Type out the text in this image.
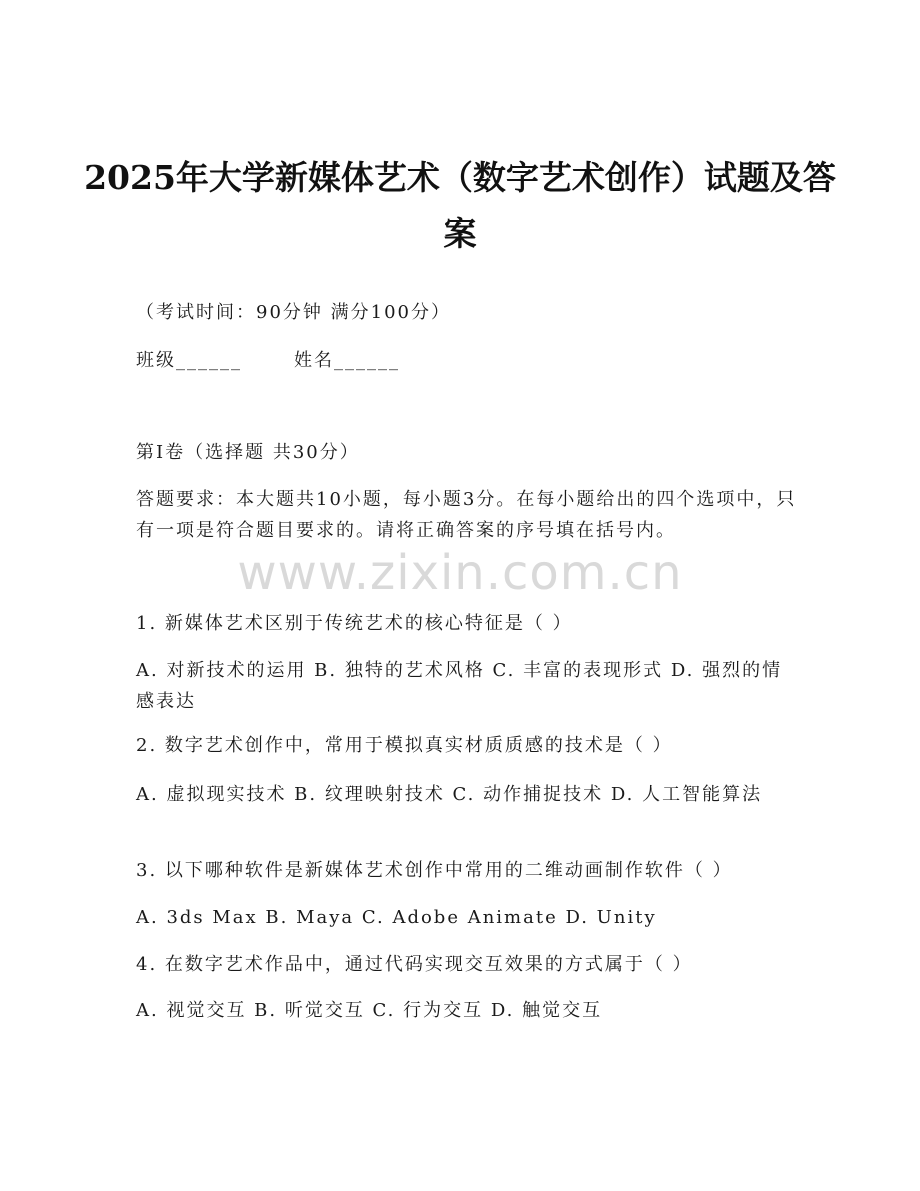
2025年大学新媒体艺术（数字艺术创作）试题及答案
（考试时间：90分钟 满分100分）
班级______	姓名______
第I卷（选择题 共30分）
答题要求：本大题共10小题，每小题3分。在每小题给出的四个选项中，只有一项是符合题目要求的。请将正确答案的序号填在括号内。
www.zixin.com.cn
1. 新媒体艺术区别于传统艺术的核心特征是（ ）
A. 对新技术的运用 B. 独特的艺术风格 C. 丰富的表现形式 D. 强烈的情感表达
2. 数字艺术创作中，常用于模拟真实材质质感的技术是（ ）
A. 虚拟现实技术 B. 纹理映射技术 C. 动作捕捉技术 D. 人工智能算法
3. 以下哪种软件是新媒体艺术创作中常用的二维动画制作软件（ ）
A. 3ds Max B. Maya C. Adobe Animate D. Unity
4. 在数字艺术作品中，通过代码实现交互效果的方式属于（ ）
A. 视觉交互 B. 听觉交互 C. 行为交互 D. 触觉交互
